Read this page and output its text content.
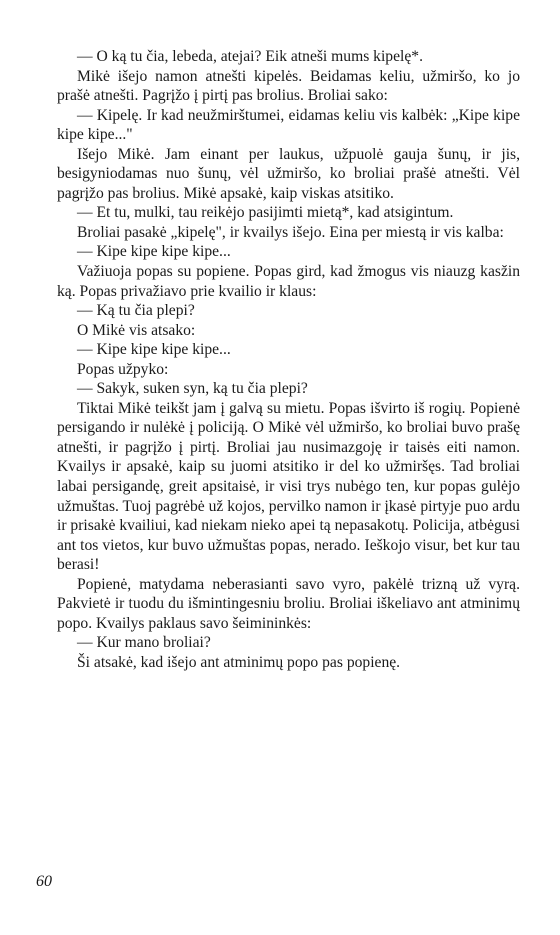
— O ką tu čia, lebeda, atejai? Eik atneši mums kipelę*.

Mikė išejo namon atnešti kipelės. Beidamas keliu, užmiršo, ko jo prašė atnešti. Pagrįžo į pirtį pas brolius. Broliai sako:

— Kipelę. Ir kad neužmirštumei, eidamas keliu vis kalbėk: „Kipe kipe kipe kipe..."

Išejo Mikė. Jam einant per laukus, užpuolė gauja šunų, ir jis, besigyniodamas nuo šunų, vėl užmiršo, ko broliai prašė atnešti. Vėl pagrįžo pas brolius. Mikė apsakė, kaip viskas atsitiko.

— Et tu, mulki, tau reikėjo pasijimti mietą*, kad atsigintum.

Broliai pasakė „kipelę", ir kvailys išejo. Eina per miestą ir vis kalba:

— Kipe kipe kipe kipe...

Važiuoja popas su popiene. Popas gird, kad žmogus vis niauzg kasžin ką. Popas privažiavo prie kvailio ir klaus:

— Ką tu čia plepi?

O Mikė vis atsako:

— Kipe kipe kipe kipe...

Popas užpyko:

— Sakyk, suken syn, ką tu čia plepi?

Tiktai Mikė teikšt jam į galvą su mietu. Popas išvirto iš rogių. Popienė persigando ir nulėkė į policiją. O Mikė vėl užmiršo, ko broliai buvo prašę atnešti, ir pagrįžo į pirtį. Broliai jau nusimazgoję ir taisės eiti namon. Kvailys ir apsakė, kaip su juomi atsitiko ir del ko užmiršęs. Tad broliai labai persigandę, greit apsitaisė, ir visi trys nubėgo ten, kur popas gulėjo užmuštas. Tuoj pagrėbė už kojos, pervilko namon ir įkasė pirtyje puo ardu ir prisakė kvailiui, kad niekam nieko apei tą nepasakotų. Policija, atbėgusi ant tos vietos, kur buvo užmuštas popas, nerado. Ieškojo visur, bet kur tau berasi!

Popienė, matydama neberasianti savo vyro, pakėlė trizną už vyrą. Pakvietė ir tuodu du išmintingesniu broliu. Broliai iškeliavo ant atminimų popo. Kvailys paklaus savo šeimininkės:

— Kur mano broliai?

Ši atsakė, kad išejo ant atminimų popo pas popienę.

60
